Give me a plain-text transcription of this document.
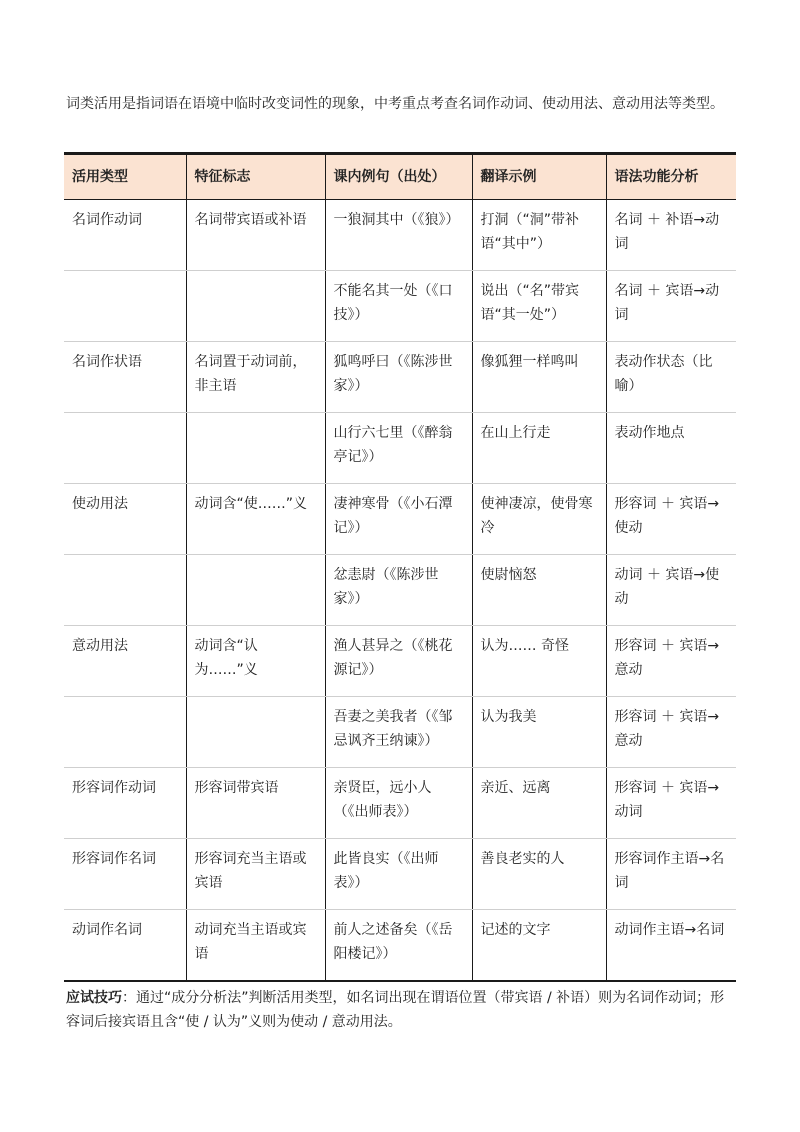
词类活用是指词语在语境中临时改变词性的现象，中考重点考查名词作动词、使动用法、意动用法等类型。

活用类型	特征标志	课内例句（出处）	翻译示例	语法功能分析
名词作动词	名词带宾语或补语	一狼洞其中（《狼》）	打洞（“洞”带补语“其中”）	名词 ＋ 补语→动词
		不能名其一处（《口技》）	说出（“名”带宾语“其一处”）	名词 ＋ 宾语→动词
名词作状语	名词置于动词前，非主语	狐鸣呼曰（《陈涉世家》）	像狐狸一样鸣叫	表动作状态（比喻）
		山行六七里（《醉翁亭记》）	在山上行走	表动作地点
使动用法	动词含“使……”义	凄神寒骨（《小石潭记》）	使神凄凉，使骨寒冷	形容词 ＋ 宾语→使动
		忿恚尉（《陈涉世家》）	使尉恼怒	动词 ＋ 宾语→使动
意动用法	动词含“认为……”义	渔人甚异之（《桃花源记》）	认为…… 奇怪	形容词 ＋ 宾语→意动
		吾妻之美我者（《邹忌讽齐王纳谏》）	认为我美	形容词 ＋ 宾语→意动
形容词作动词	形容词带宾语	亲贤臣，远小人（《出师表》）	亲近、远离	形容词 ＋ 宾语→动词
形容词作名词	形容词充当主语或宾语	此皆良实（《出师表》）	善良老实的人	形容词作主语→名词
动词作名词	动词充当主语或宾语	前人之述备矣（《岳阳楼记》）	记述的文字	动词作主语→名词

应试技巧：通过“成分分析法”判断活用类型，如名词出现在谓语位置（带宾语 / 补语）则为名词作动词；形容词后接宾语且含“使 / 认为”义则为使动 / 意动用法。
